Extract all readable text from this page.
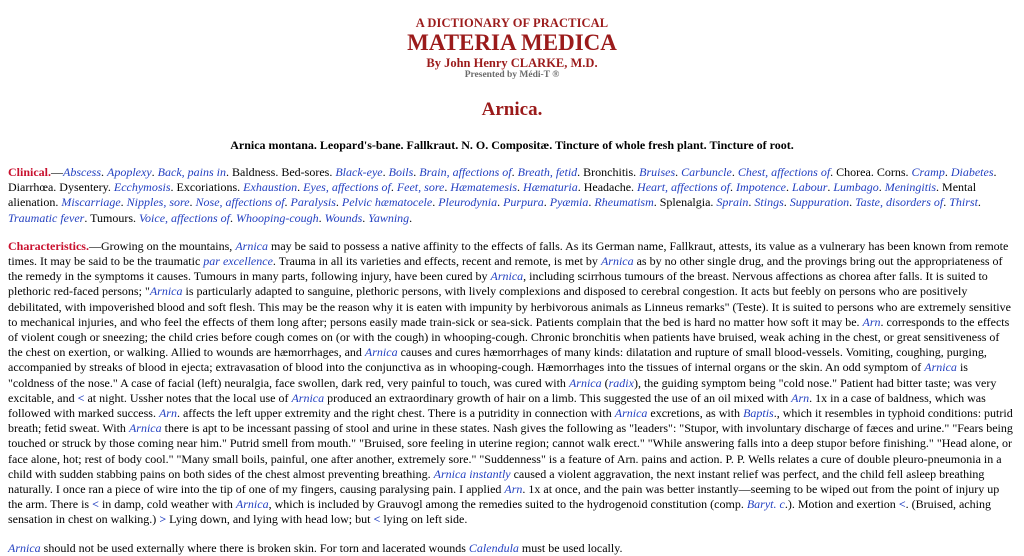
A DICTIONARY OF PRACTICAL
MATERIA MEDICA
By John Henry CLARKE, M.D.
Presented by Médi-T ®
Arnica.
Arnica montana. Leopard's-bane. Fallkraut. N. O. Compositæ. Tincture of whole fresh plant. Tincture of root.

Clinical.—Abscess. Apoplexy. Back, pains in. Baldness. Bed-sores. Black-eye. Boils. Brain, affections of. Breath, fetid. Bronchitis. Bruises. Carbuncle. Chest, affections of. Chorea. Corns. Cramp. Diabetes. Diarrhœa. Dysentery. Ecchymosis. Excoriations. Exhaustion. Eyes, affections of. Feet, sore. Hæmatemesis. Hæmaturia. Headache. Heart, affections of. Impotence. Labour. Lumbago. Meningitis. Mental alienation. Miscarriage. Nipples, sore. Nose, affections of. Paralysis. Pelvic hæmatocele. Pleurodynia. Purpura. Pyæmia. Rheumatism. Splenalgia. Sprain. Stings. Suppuration. Taste, disorders of. Thirst. Traumatic fever. Tumours. Voice, affections of. Whooping-cough. Wounds. Yawning.

Characteristics.—Growing on the mountains, Arnica may be said to possess a native affinity to the effects of falls. As its German name, Fallkraut, attests, its value as a vulnerary has been known from remote times. It may be said to be the traumatic par excellence. Trauma in all its varieties and effects, recent and remote, is met by Arnica as by no other single drug, and the provings bring out the appropriateness of the remedy in the symptoms it causes. Tumours in many parts, following injury, have been cured by Arnica, including scirrhous tumours of the breast. Nervous affections as chorea after falls. It is suited to plethoric red-faced persons; "Arnica is particularly adapted to sanguine, plethoric persons, with lively complexions and disposed to cerebral congestion. It acts but feebly on persons who are positively debilitated, with impoverished blood and soft flesh. This may be the reason why it is eaten with impunity by herbivorous animals as Linneus remarks" (Teste). It is suited to persons who are extremely sensitive to mechanical injuries, and who feel the effects of them long after; persons easily made train-sick or sea-sick. Patients complain that the bed is hard no matter how soft it may be. Arn. corresponds to the effects of violent cough or sneezing; the child cries before cough comes on (or with the cough) in whooping-cough. Chronic bronchitis when patients have bruised, weak aching in the chest, or great sensitiveness of the chest on exertion, or walking. Allied to wounds are hæmorrhages, and Arnica causes and cures hæmorrhages of many kinds: dilatation and rupture of small blood-vessels. Vomiting, coughing, purging, accompanied by streaks of blood in ejecta; extravasation of blood into the conjunctiva as in whooping-cough. Hæmorrhages into the tissues of internal organs or the skin. An odd symptom of Arnica is "coldness of the nose." A case of facial (left) neuralgia, face swollen, dark red, very painful to touch, was cured with Arnica (radix), the guiding symptom being "cold nose." Patient had bitter taste; was very excitable, and < at night. Ussher notes that the local use of Arnica produced an extraordinary growth of hair on a limb. This suggested the use of an oil mixed with Arn. 1x in a case of baldness, which was followed with marked success. Arn. affects the left upper extremity and the right chest. There is a putridity in connection with Arnica excretions, as with Baptis., which it resembles in typhoid conditions: putrid breath; fetid sweat. With Arnica there is apt to be incessant passing of stool and urine in these states. Nash gives the following as "leaders": "Stupor, with involuntary discharge of fæces and urine." "Fears being touched or struck by those coming near him." Putrid smell from mouth." "Bruised, sore feeling in uterine region; cannot walk erect." "While answering falls into a deep stupor before finishing." "Head alone, or face alone, hot; rest of body cool." "Many small boils, painful, one after another, extremely sore." "Suddenness" is a feature of Arn. pains and action. P. P. Wells relates a cure of double pleuro-pneumonia in a child with sudden stabbing pains on both sides of the chest almost preventing breathing. Arnica instantly caused a violent aggravation, the next instant relief was perfect, and the child fell asleep breathing naturally. I once ran a piece of wire into the tip of one of my fingers, causing paralysing pain. I applied Arn. 1x at once, and the pain was better instantly—seeming to be wiped out from the point of injury up the arm. There is < in damp, cold weather with Arnica, which is included by Grauvogl among the remedies suited to the hydrogenoid constitution (comp. Baryt. c.). Motion and exertion <. (Bruised, aching sensation in chest on walking.) > Lying down, and lying with head low; but < lying on left side.

Arnica should not be used externally where there is broken skin. For torn and lacerated wounds Calendula must be used locally.
